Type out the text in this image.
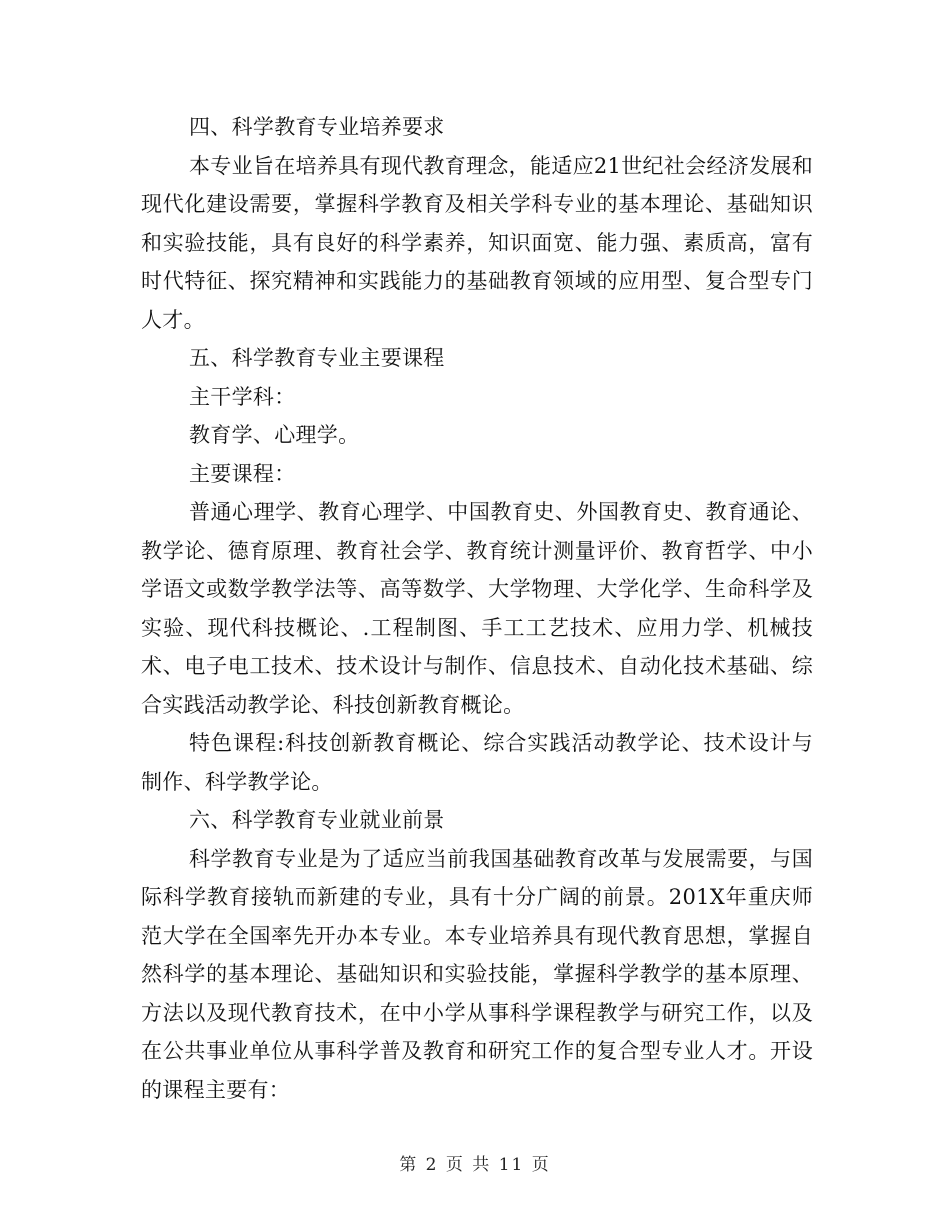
四、科学教育专业培养要求

本专业旨在培养具有现代教育理念，能适应21世纪社会经济发展和现代化建设需要，掌握科学教育及相关学科专业的基本理论、基础知识和实验技能，具有良好的科学素养，知识面宽、能力强、素质高，富有时代特征、探究精神和实践能力的基础教育领域的应用型、复合型专门人才。

五、科学教育专业主要课程

主干学科：

教育学、心理学。

主要课程：

普通心理学、教育心理学、中国教育史、外国教育史、教育通论、教学论、德育原理、教育社会学、教育统计测量评价、教育哲学、中小学语文或数学教学法等、高等数学、大学物理、大学化学、生命科学及实验、现代科技概论、.工程制图、手工工艺技术、应用力学、机械技术、电子电工技术、技术设计与制作、信息技术、自动化技术基础、综合实践活动教学论、科技创新教育概论。

特色课程:科技创新教育概论、综合实践活动教学论、技术设计与制作、科学教学论。

六、科学教育专业就业前景

科学教育专业是为了适应当前我国基础教育改革与发展需要，与国际科学教育接轨而新建的专业，具有十分广阔的前景。201X年重庆师范大学在全国率先开办本专业。本专业培养具有现代教育思想，掌握自然科学的基本理论、基础知识和实验技能，掌握科学教学的基本原理、方法以及现代教育技术，在中小学从事科学课程教学与研究工作，以及在公共事业单位从事科学普及教育和研究工作的复合型专业人才。开设的课程主要有：

第 2 页 共 11 页
